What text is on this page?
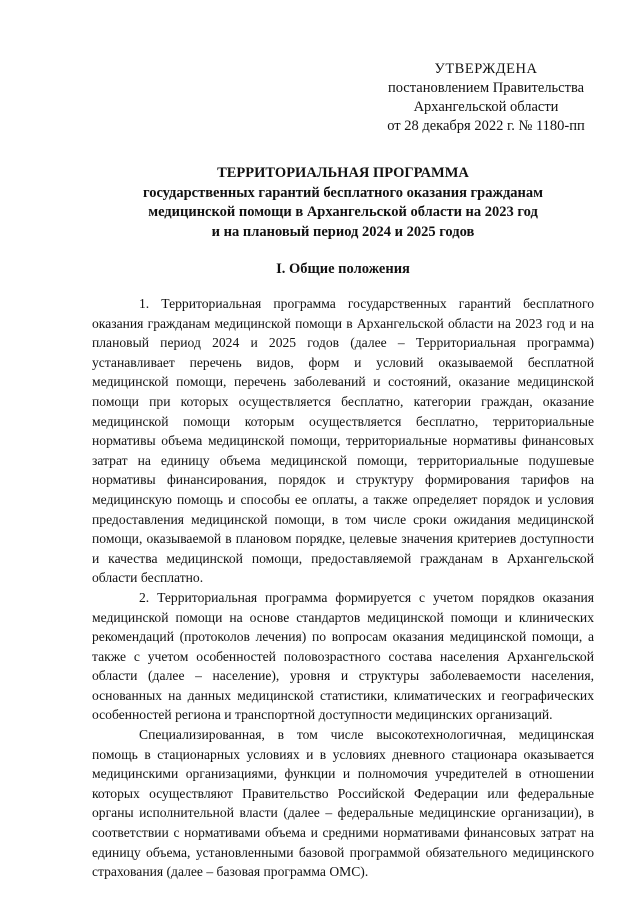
УТВЕРЖДЕНА
постановлением Правительства
Архангельской области
от 28 декабря 2022 г. № 1180-пп
ТЕРРИТОРИАЛЬНАЯ ПРОГРАММА
государственных гарантий бесплатного оказания гражданам
медицинской помощи в Архангельской области на 2023 год
и на плановый период 2024 и 2025 годов
I. Общие положения

1. Территориальная программа государственных гарантий бесплатного оказания гражданам медицинской помощи в Архангельской области на 2023 год и на плановый период 2024 и 2025 годов (далее – Территориальная программа) устанавливает перечень видов, форм и условий оказываемой бесплатной медицинской помощи, перечень заболеваний и состояний, оказание медицинской помощи при которых осуществляется бесплатно, категории граждан, оказание медицинской помощи которым осуществляется бесплатно, территориальные нормативы объема медицинской помощи, территориальные нормативы финансовых затрат на единицу объема медицинской помощи, территориальные подушевые нормативы финансирования, порядок и структуру формирования тарифов на медицинскую помощь и способы ее оплаты, а также определяет порядок и условия предоставления медицинской помощи, в том числе сроки ожидания медицинской помощи, оказываемой в плановом порядке, целевые значения критериев доступности и качества медицинской помощи, предоставляемой гражданам в Архангельской области бесплатно.

2. Территориальная программа формируется с учетом порядков оказания медицинской помощи на основе стандартов медицинской помощи и клинических рекомендаций (протоколов лечения) по вопросам оказания медицинской помощи, а также с учетом особенностей половозрастного состава населения Архангельской области (далее – население), уровня и структуры заболеваемости населения, основанных на данных медицинской статистики, климатических и географических особенностей региона и транспортной доступности медицинских организаций.

Специализированная, в том числе высокотехнологичная, медицинская помощь в стационарных условиях и в условиях дневного стационара оказывается медицинскими организациями, функции и полномочия учредителей в отношении которых осуществляют Правительство Российской Федерации или федеральные органы исполнительной власти (далее – федеральные медицинские организации), в соответствии с нормативами объема и средними нормативами финансовых затрат на единицу объема, установленными базовой программой обязательного медицинского страхования (далее – базовая программа ОМС).
